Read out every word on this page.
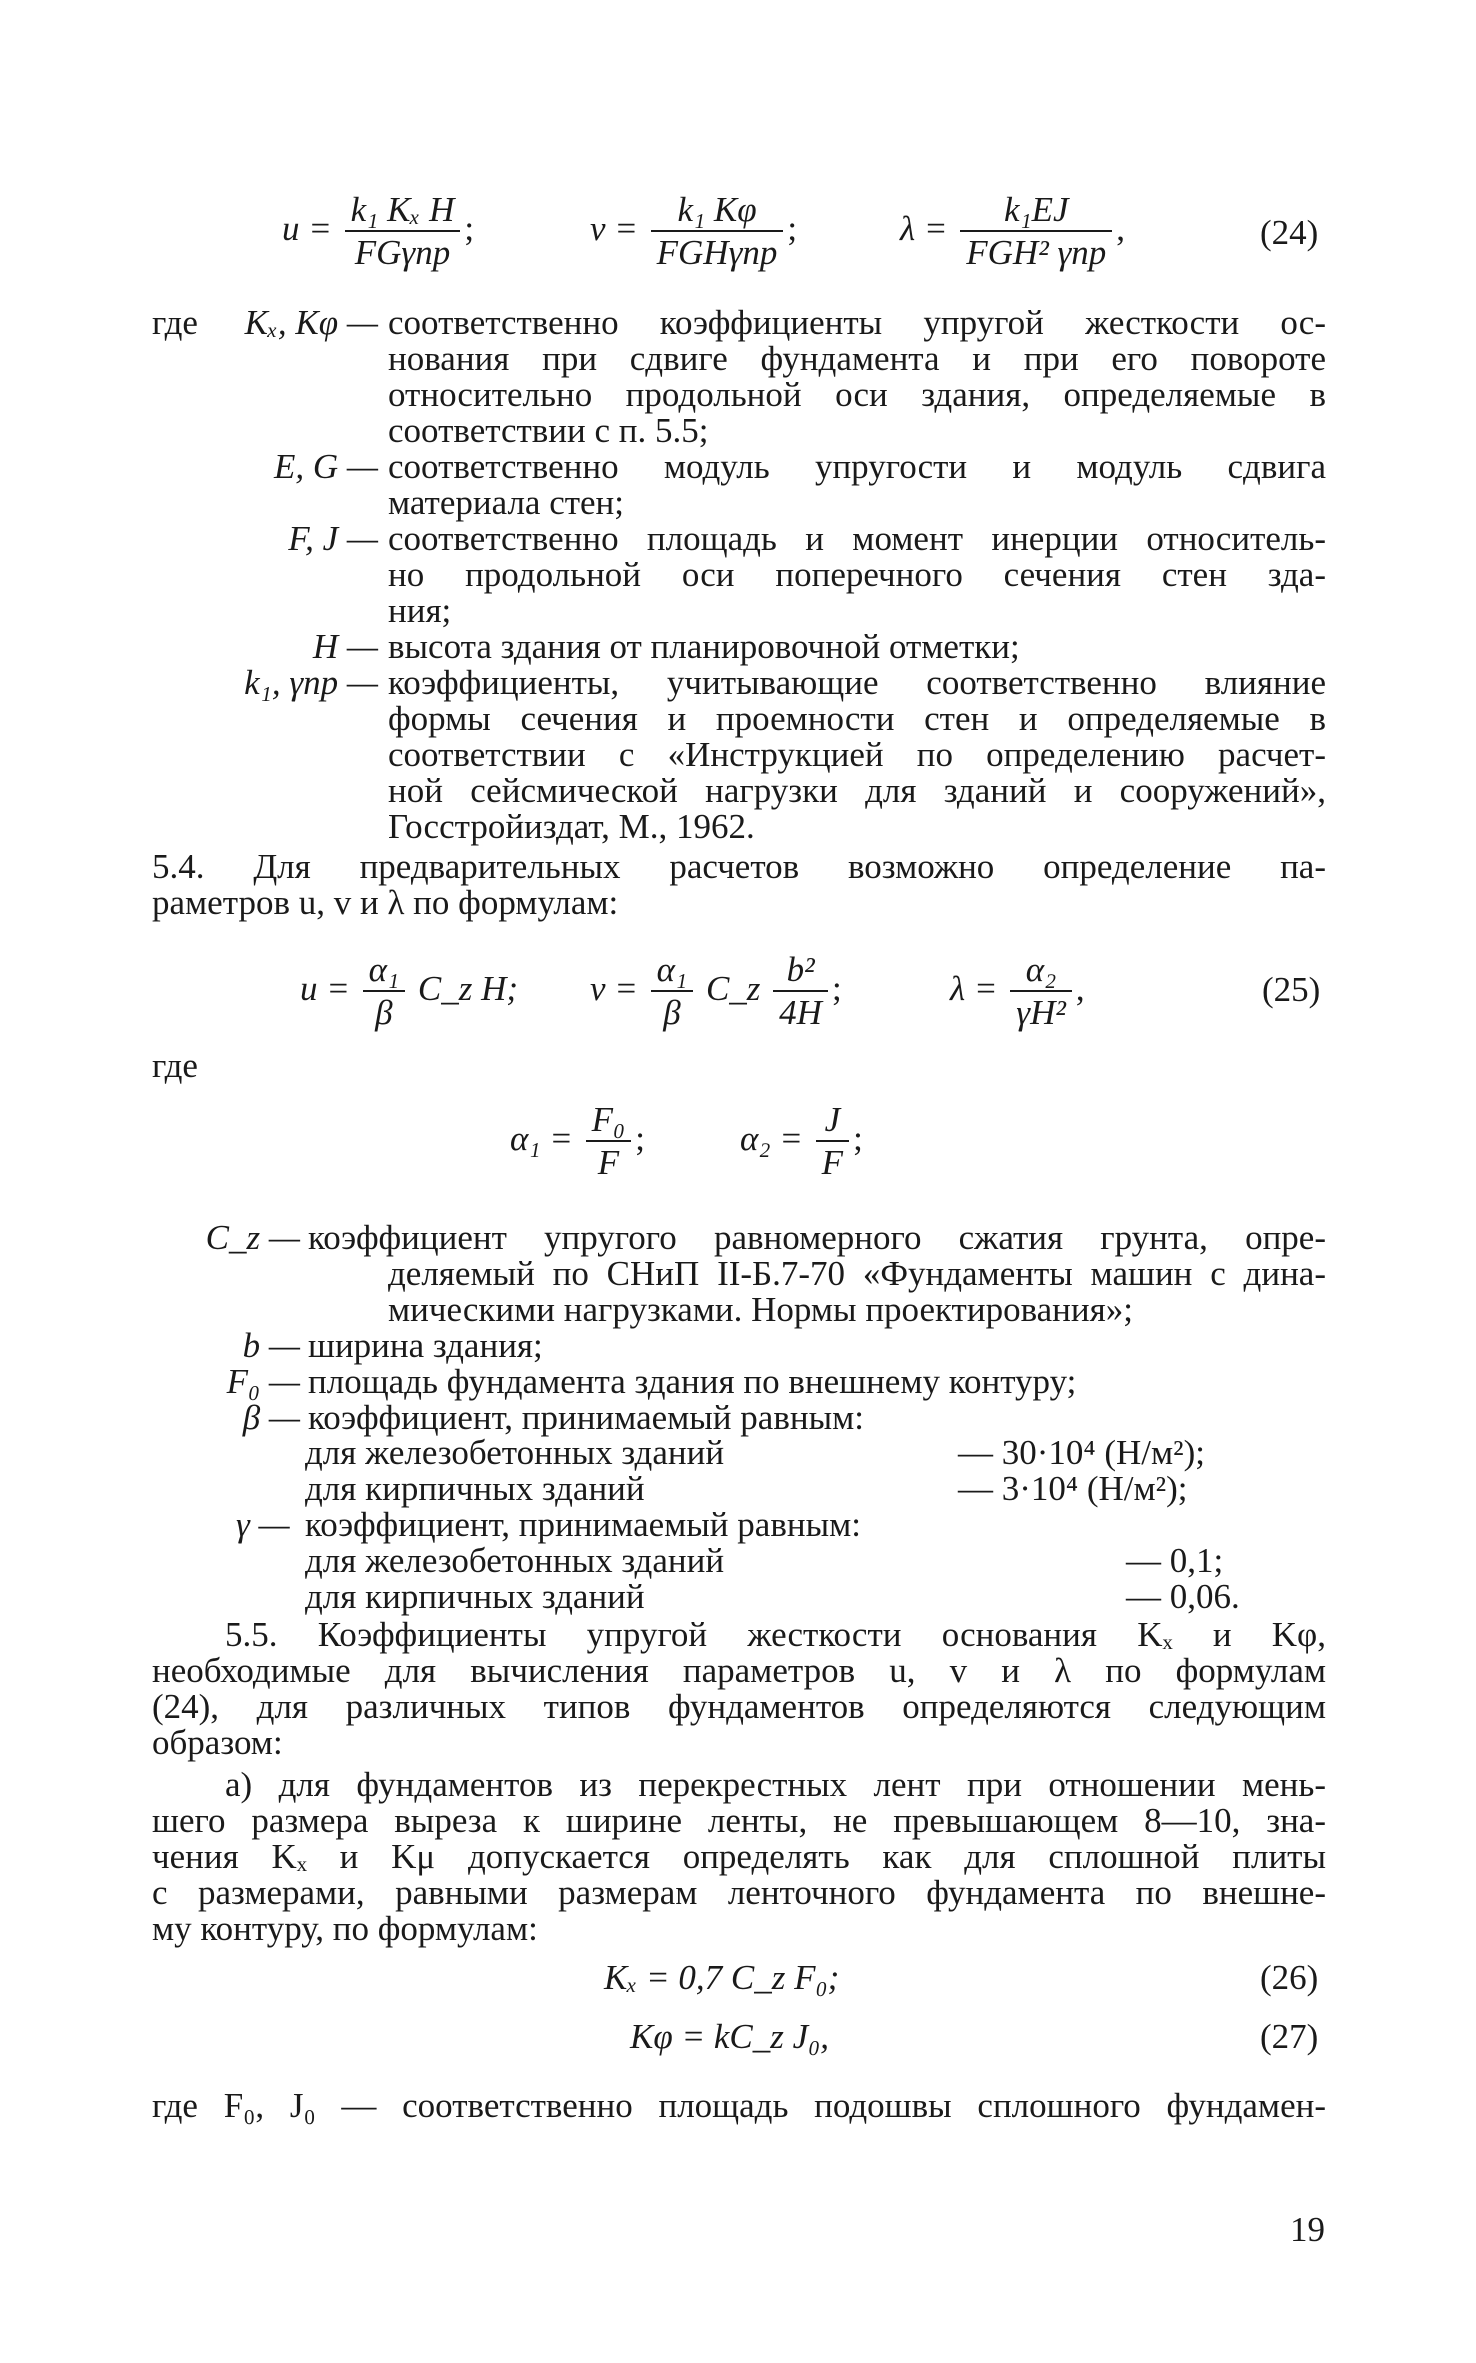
$u = \frac{\text{k₁ Kₓ H}}{\text{FGγпр}}$ ;	$v = \frac{\text{k₁ Kφ}}{\text{FGHγпр}}$ ;	$\lambda = \frac{\text{k₁EJ}}{\text{FGH² γпр}}$ ,	(24)
где Kₓ, Kφ — соответственно коэффициенты упругой жесткости ос-
нования при сдвиге фундамента и при его повороте
относительно продольной оси здания, определяемые в
соответствии с п. 5.5;
E, G — соответственно модуль упругости и модуль сдвига
материала стен;
F, J — соответственно площадь и момент инерции относитель-
но продольной оси поперечного сечения стен зда-
ния;
H — высота здания от планировочной отметки;
k₁, γпр — коэффициенты, учитывающие соответственно влияние
формы сечения и проемности стен и определяемые в
соответствии с «Инструкцией по определению расчет-
ной сейсмической нагрузки для зданий и сооружений»,
Госстройиздат, М., 1962.
5.4. Для предварительных расчетов возможно определение па-
раметров u, v и λ по формулам:
$u = \frac{\text{α₁}}{\beta}$ C_z H; $v = \frac{\text{α₁}}{\beta}$ C_z $\frac{\text{b²}}{4H}$ ;	$\lambda = \frac{\text{α₂}}{\text{γH²}}$ ,	(25)
где
$\alpha_1 = \frac{\text{F₀}}{F}$ ;	$\alpha_2 = \frac{J}{F}$ ;
C_z — коэффициент упругого равномерного сжатия грунта, опре-
деляемый по СНиП II-Б.7-70 «Фундаменты машин с дина-
мическими нагрузками. Нормы проектирования»;
b — ширина здания;
F₀ — площадь фундамента здания по внешнему контуру;
β — коэффициент, принимаемый равным:
для железобетонных зданий	— 30·10⁴ (Н/м²);
для кирпичных зданий	— 3·10⁴ (Н/м²);
γ — коэффициент, принимаемый равным:
для железобетонных зданий	— 0,1;
для кирпичных зданий	— 0,06.
5.5. Коэффициенты упругой жесткости основания Kₓ и Kφ,
необходимые для вычисления параметров u, v и λ по формулам
(24), для различных типов фундаментов определяются следующим
образом:
а) для фундаментов из перекрестных лент при отношении мень-
шего размера выреза к ширине ленты, не превышающем 8—10, зна-
чения Kₓ и Kμ допускается определять как для сплошной плиты
с размерами, равными размерам ленточного фундамента по внешне-
му контуру, по формулам:
Kₓ = 0,7 C_z F₀;	(26)
Kφ = kC_z J₀,	(27)
где F₀, J₀ — соответственно площадь подошвы сплошного фундамен-
19
